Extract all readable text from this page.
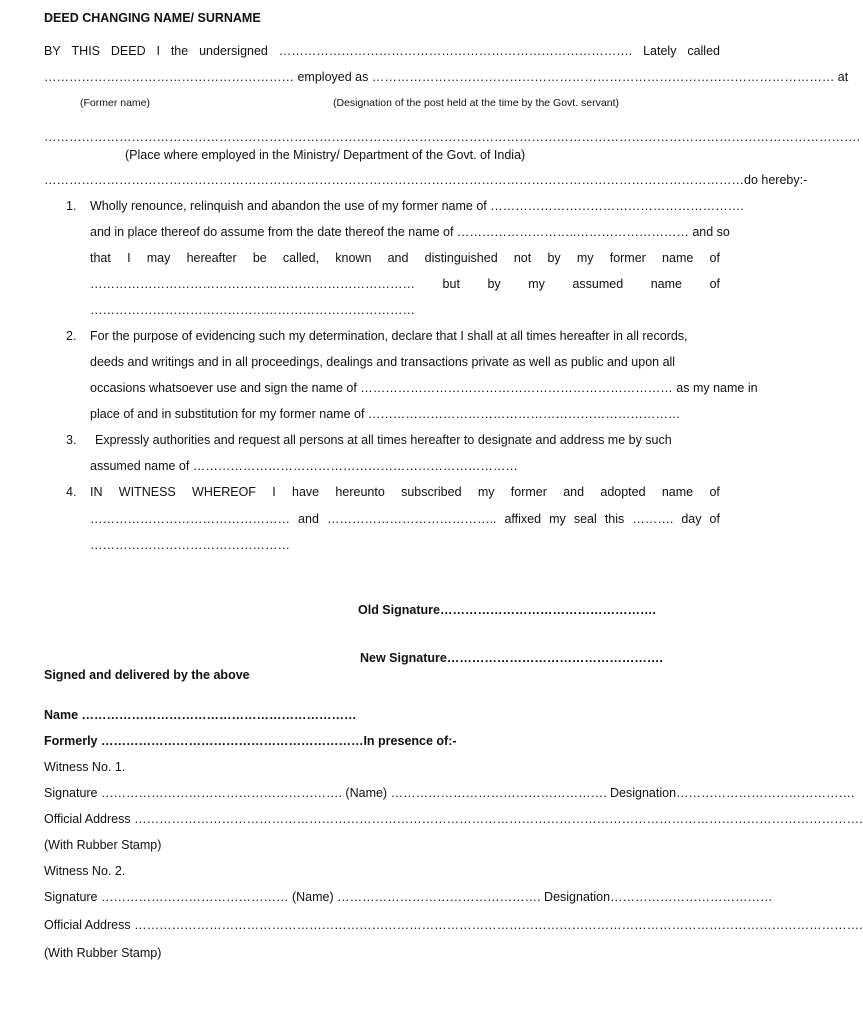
DEED CHANGING NAME/ SURNAME
BY THIS DEED I the undersigned …………………………………………………………………………. Lately called
…………………………………………………… employed as ………………………………………………………………………………………………… at
(Former name)	(Designation of the post held at the time by the Govt. servant)
…………………………………………………………………………………………………………………………………………………………………………….
(Place where employed in the Ministry/ Department of the Govt. of India)
……………………………………………………………………………………………………………………………………………………do hereby:-
1. Wholly renounce, relinquish and abandon the use of my former name of …………………………………………………….
and in place thereof do assume from the date thereof the name of ………………………..……………………… and so
that I may hereafter be called, known and distinguished not by my former name of
…………………………………………………………………… but by my assumed name of
……………………………………………………………………
2. For the purpose of evidencing such my determination, declare that I shall at all times hereafter in all records,
deeds and writings and in all proceedings, dealings and transactions private as well as public and upon all
occasions whatsoever use and sign the name of ………………………………………………………………… as my name in
place of and in substitution for my former name of …………………………………………………………………
3. Expressly authorities and request all persons at all times hereafter to designate and address me by such
assumed name of ……………………………………………………………………
4. IN WITNESS WHEREOF I have hereunto subscribed my former and adopted name of
………………………………………… and ………………………………….. affixed my seal this ………. day of
…………………………………………
Old Signature…………………………………………….
New Signature…………………………………………….
Signed and delivered by the above
Name …………………………………………………………
Formerly ………………………………………………………In presence of:-
Witness No. 1.
Signature …………………………………………………. (Name) ……………………………………………. Designation…………………………………….
Official Address ………………………………………………………………………………………………………………………………………………………….
(With Rubber Stamp)
Witness No. 2.
Signature ……………………………………… (Name) …………………………………………. Designation…………………………………
Official Address ………………………………………………………………………………………………………………………………………………………….
(With Rubber Stamp)
